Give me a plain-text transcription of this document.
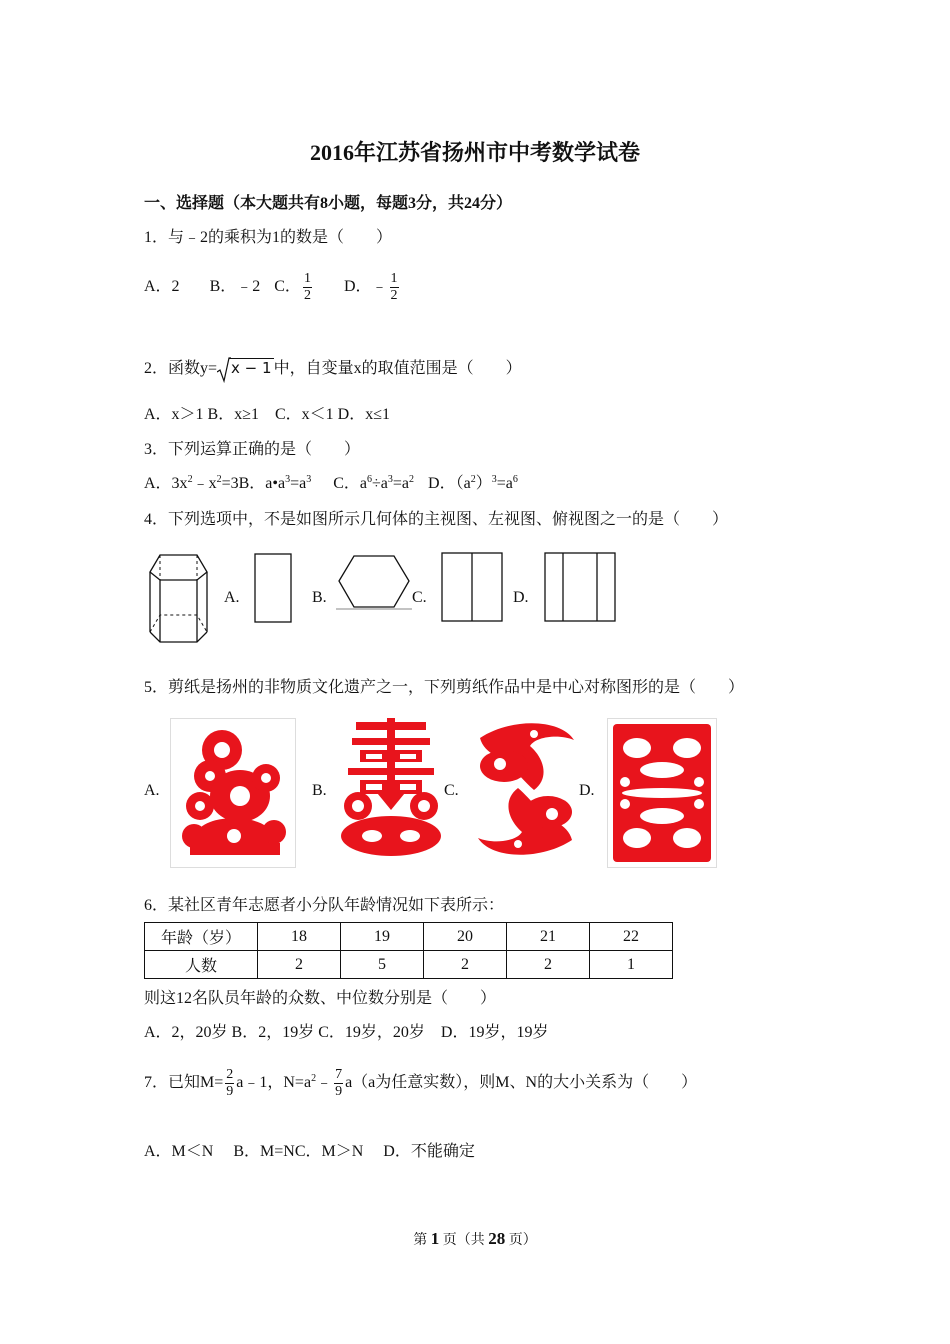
2016年江苏省扬州市中考数学试卷
一、选择题（本大题共有8小题，每题3分，共24分）
1．与﹣2的乘积为1的数是（　　）
A．2 B．﹣2 C． $\frac{1}{2}$ D．﹣ $\frac{1}{2}$
2．函数y= x − 1 中，自变量x的取值范围是（　　）
A．x＞1 B．x≥1　C．x＜1 D．x≤1
3．下列运算正确的是（　　）
A．$3x^2﹣x^2=3B$．$a•a^3=a^3$ C．$a^6\div a^3=a^2$ D．$(a^2)^3=a^6$
4．下列选项中，不是如图所示几何体的主视图、左视图、俯视图之一的是（　　）
A.	B.	C.	D.
5．剪纸是扬州的非物质文化遗产之一，下列剪纸作品中是中心对称图形的是（　　）
A.	B.	C.	D.
6．某社区青年志愿者小分队年龄情况如下表所示：
年龄（岁）	18	19	20	21	22
人数	2	5	2	2	1
则这12名队员年龄的众数、中位数分别是（　　）
A．2，20岁 B．2，19岁 C．19岁，20岁　D．19岁，19岁
7．已知$M= \frac{2}{9}$ a﹣1，$N=a^2﹣ \frac{7}{9} a(a$为任意实数），则M、N的大小关系为（　　）
A．M＜N　 B．M=NC．M＞N　 D．不能确定
第 1 页（共 28 页）
